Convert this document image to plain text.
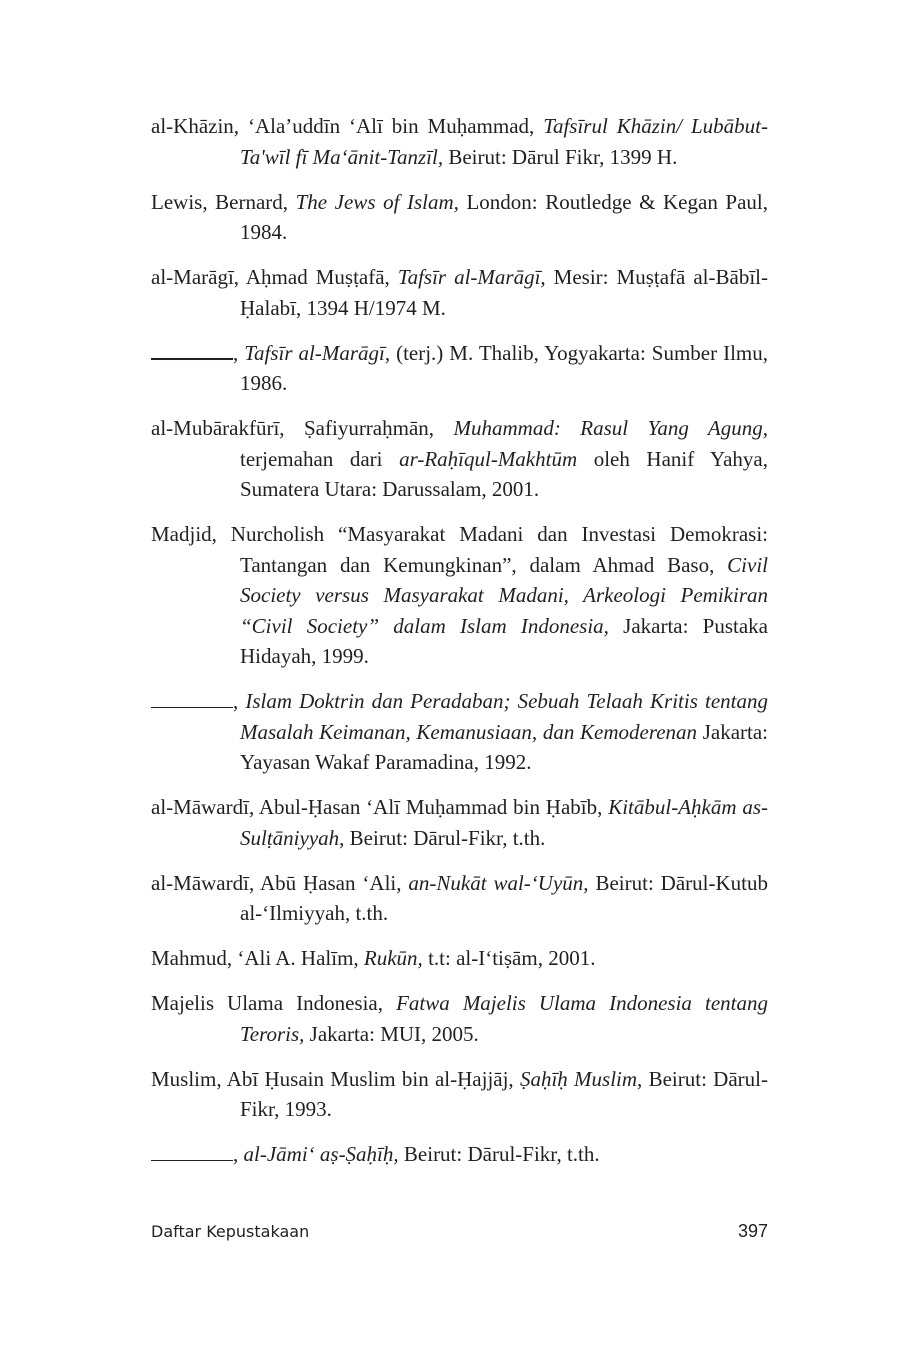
al-Khāzin, ʻAla’uddīn ʻAlī bin Muḥammad, Tafsīrul Khāzin/ Lubābut-Ta'wīl fī Maʻānit-Tanzīl, Beirut: Dārul Fikr, 1399 H.

Lewis, Bernard, The Jews of Islam, London: Routledge & Kegan Paul, 1984.

al-Marāgī, Aḥmad Muṣṭafā, Tafsīr al-Marāgī, Mesir: Muṣṭafā al-Bābīl-Ḥalabī, 1394 H/1974 M.

, Tafsīr al-Marāgī, (terj.) M. Thalib, Yogyakarta: Sumber Ilmu, 1986.

al-Mubārakfūrī, Ṣafiyurraḥmān, Muhammad: Rasul Yang Agung, terjemahan dari ar-Raḥīqul-Makhtūm oleh Hanif Yahya, Sumatera Utara: Darussalam, 2001.

Madjid, Nurcholish “Masyarakat Madani dan Investasi Demokrasi: Tantangan dan Kemungkinan”, dalam Ahmad Baso, Civil Society versus Masyarakat Madani, Arkeologi Pemikiran “Civil Society” dalam Islam Indonesia, Jakarta: Pustaka Hidayah, 1999.

, Islam Doktrin dan Peradaban; Sebuah Telaah Kritis tentang Masalah Keimanan, Kemanusiaan, dan Kemoderenan Jakarta: Yayasan Wakaf Paramadina, 1992.

al-Māwardī, Abul-Ḥasan ʻAlī Muḥammad bin Ḥabīb, Kitābul-Aḥkām as-Sulṭāniyyah, Beirut: Dārul-Fikr, t.th.

al-Māwardī, Abū Ḥasan ʻAli, an-Nukāt wal-ʻUyūn, Beirut: Dārul-Kutub al-ʻIlmiyyah, t.th.

Mahmud, ʻAli A. Halīm, Rukūn, t.t: al-Iʻtiṣām, 2001.

Majelis Ulama Indonesia, Fatwa Majelis Ulama Indonesia tentang Teroris, Jakarta: MUI, 2005.

Muslim, Abī Ḥusain Muslim bin al-Ḥajjāj, Ṣaḥīḥ Muslim, Beirut: Dārul-Fikr, 1993.

, al-Jāmiʻ aṣ-Ṣaḥīḥ, Beirut: Dārul-Fikr, t.th.

Daftar Kepustakaan	397
